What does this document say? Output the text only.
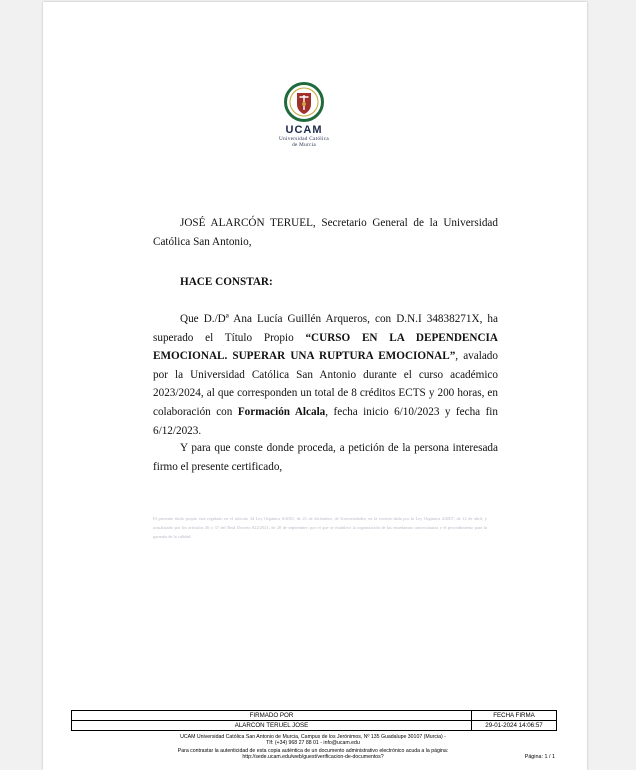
UCAM
Universidad Católica
de Murcia
JOSÉ ALARCÓN TERUEL, Secretario General de la Universidad Católica San Antonio,
HACE CONSTAR:
Que D./Dª Ana Lucía Guillén Arqueros, con D.N.I 34838271X, ha superado el Título Propio “CURSO EN LA DEPENDENCIA EMOCIONAL. SUPERAR UNA RUPTURA EMOCIONAL”, avalado por la Universidad Católica San Antonio durante el curso académico 2023/2024, al que corresponden un total de 8 créditos ECTS y 200 horas, en colaboración con Formación Alcala, fecha inicio 6/10/2023 y fecha fin 6/12/2023.
Y para que conste donde proceda, a petición de la persona interesada firmo el presente certificado,
El presente título propio está regulado en el artículo 34 Ley Orgánica 6/2001, de 21 de diciembre, de Universidades; en la versión dada por la Ley Orgánica 4/2007, de 12 de abril, y actualizado por los artículos 36 y 37 del Real Decreto 822/2021, de 28 de septiembre, por el que se establece la organización de las enseñanzas universitarias y el procedimiento para la garantía de la calidad.
FIRMADO POR	FECHA FIRMA
ALARCON TERUEL JOSE	29-01-2024 14:06:57
UCAM Universidad Católica San Antonio de Murcia, Campus de los Jerónimos, Nº 135 Guadalupe 30107 (Murcia) -
Tlf: (+34) 968 27 88 01 - info@ucam.edu
Para contrastar la autenticidad de esta copia auténtica de un documento administrativo electrónico acuda a la página:
http://sede.ucam.edu/web/guest/verificacion-de-documentos?	Página: 1 / 1
